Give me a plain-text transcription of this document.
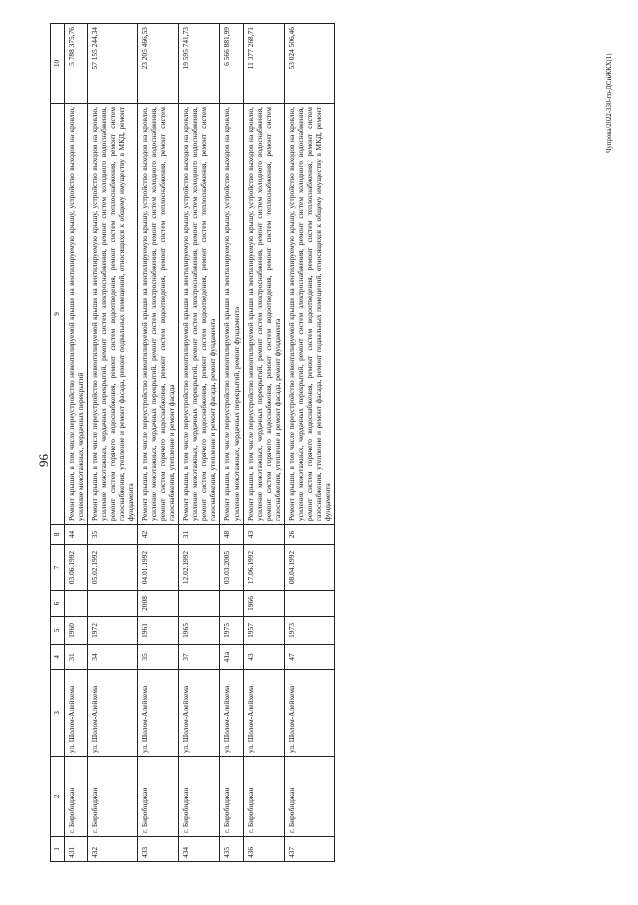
96
1	2	3	4	5	6	7	8	9	10
431	г. Биробиджан	ул. Шолом-Алейхема	31	1960		03.06.1992	44	Ремонт крыши, в том числе переустройство невентилируемой крыши на вентилируемую крышу, устройство выходов на кровлю, усиление межэтажных, чердачных перекрытий	5 788 375,76
432	г. Биробиджан	ул. Шолом-Алейхема	34	1972		05.02.1992	35	Ремонт крыши, в том числе переустройство невентилируемой крыши на вентилируемую крышу, устройство выходов на кровлю, усиление межэтажных, чердачных перекрытий, ремонт систем электроснабжения, ремонт систем холодного водоснабжения, ремонт систем горячего водоснабжения, ремонт систем водоотведения, ремонт систем теплоснабжения, ремонт систем газоснабжения, утепление и ремонт фасада, ремонт подвальных помещений, относящихся к общему имуществу в МКД, ремонт фундамента	57 155 244,34
433	г. Биробиджан	ул. Шолом-Алейхема	35	1961	2008	04.01.1992	42	Ремонт крыши, в том числе переустройство невентилируемой крыши на вентилируемую крышу, устройство выходов на кровлю, усиление межэтажных, чердачных перекрытий, ремонт систем электроснабжения, ремонт систем холодного водоснабжения, ремонт систем горячего водоснабжения, ремонт систем водоотведения, ремонт систем теплоснабжения, ремонт систем газоснабжения, утепление и ремонт фасада	23 205 466,53
434	г. Биробиджан	ул. Шолом-Алейхема	37	1965		12.02.1992	31	Ремонт крыши, в том числе переустройство невентилируемой крыши на вентилируемую крышу, устройство выходов на кровлю, усиление межэтажных, чердачных перекрытий, ремонт систем электроснабжения, ремонт систем холодного водоснабжения, ремонт систем горячего водоснабжения, ремонт систем водоотведения, ремонт систем теплоснабжения, ремонт систем газоснабжения, утепление и ремонт фасада, ремонт фундамента	19 595 741,73
435	г. Биробиджан	ул. Шолом-Алейхема	41а	1975		03.03.2005	48	Ремонт крыши, в том числе переустройство невентилируемой крыши на вентилируемую крышу, устройство выходов на кровлю, усиление межэтажных, чердачных перекрытий, ремонт фундамента	6 566 881,99
436	г. Биробиджан	ул. Шолом-Алейхема	43	1957	1966	17.06.1992	43	Ремонт крыши, в том числе переустройство невентилируемой крыши на вентилируемую крышу, устройство выходов на кровлю, усиление межэтажных, чердачных перекрытий, ремонт систем электроснабжения, ремонт систем холодного водоснабжения, ремонт систем горячего водоснабжения, ремонт систем водоотведения, ремонт систем теплоснабжения, ремонт систем газоснабжения, утепление и ремонт фасада, ремонт фундамента	11 377 268,71
437	г. Биробиджан	ул. Шолом-Алейхема	47	1973		08.04.1992	26	Ремонт крыши, в том числе переустройство невентилируемой крыши на вентилируемую крышу, устройство выходов на кровлю, усиление межэтажных, чердачных перекрытий, ремонт систем электроснабжения, ремонт систем холодного водоснабжения, ремонт систем горячего водоснабжения, ремонт систем водоотведения, ремонт систем теплоснабжения, ремонт систем газоснабжения, утепление и ремонт фасада, ремонт подвальных помещений, относящихся к общему имуществу в МКД, ремонт фундамента	53 024 506,46
Чупрова/2022-330-гп-ДСиЖКХ(1)
